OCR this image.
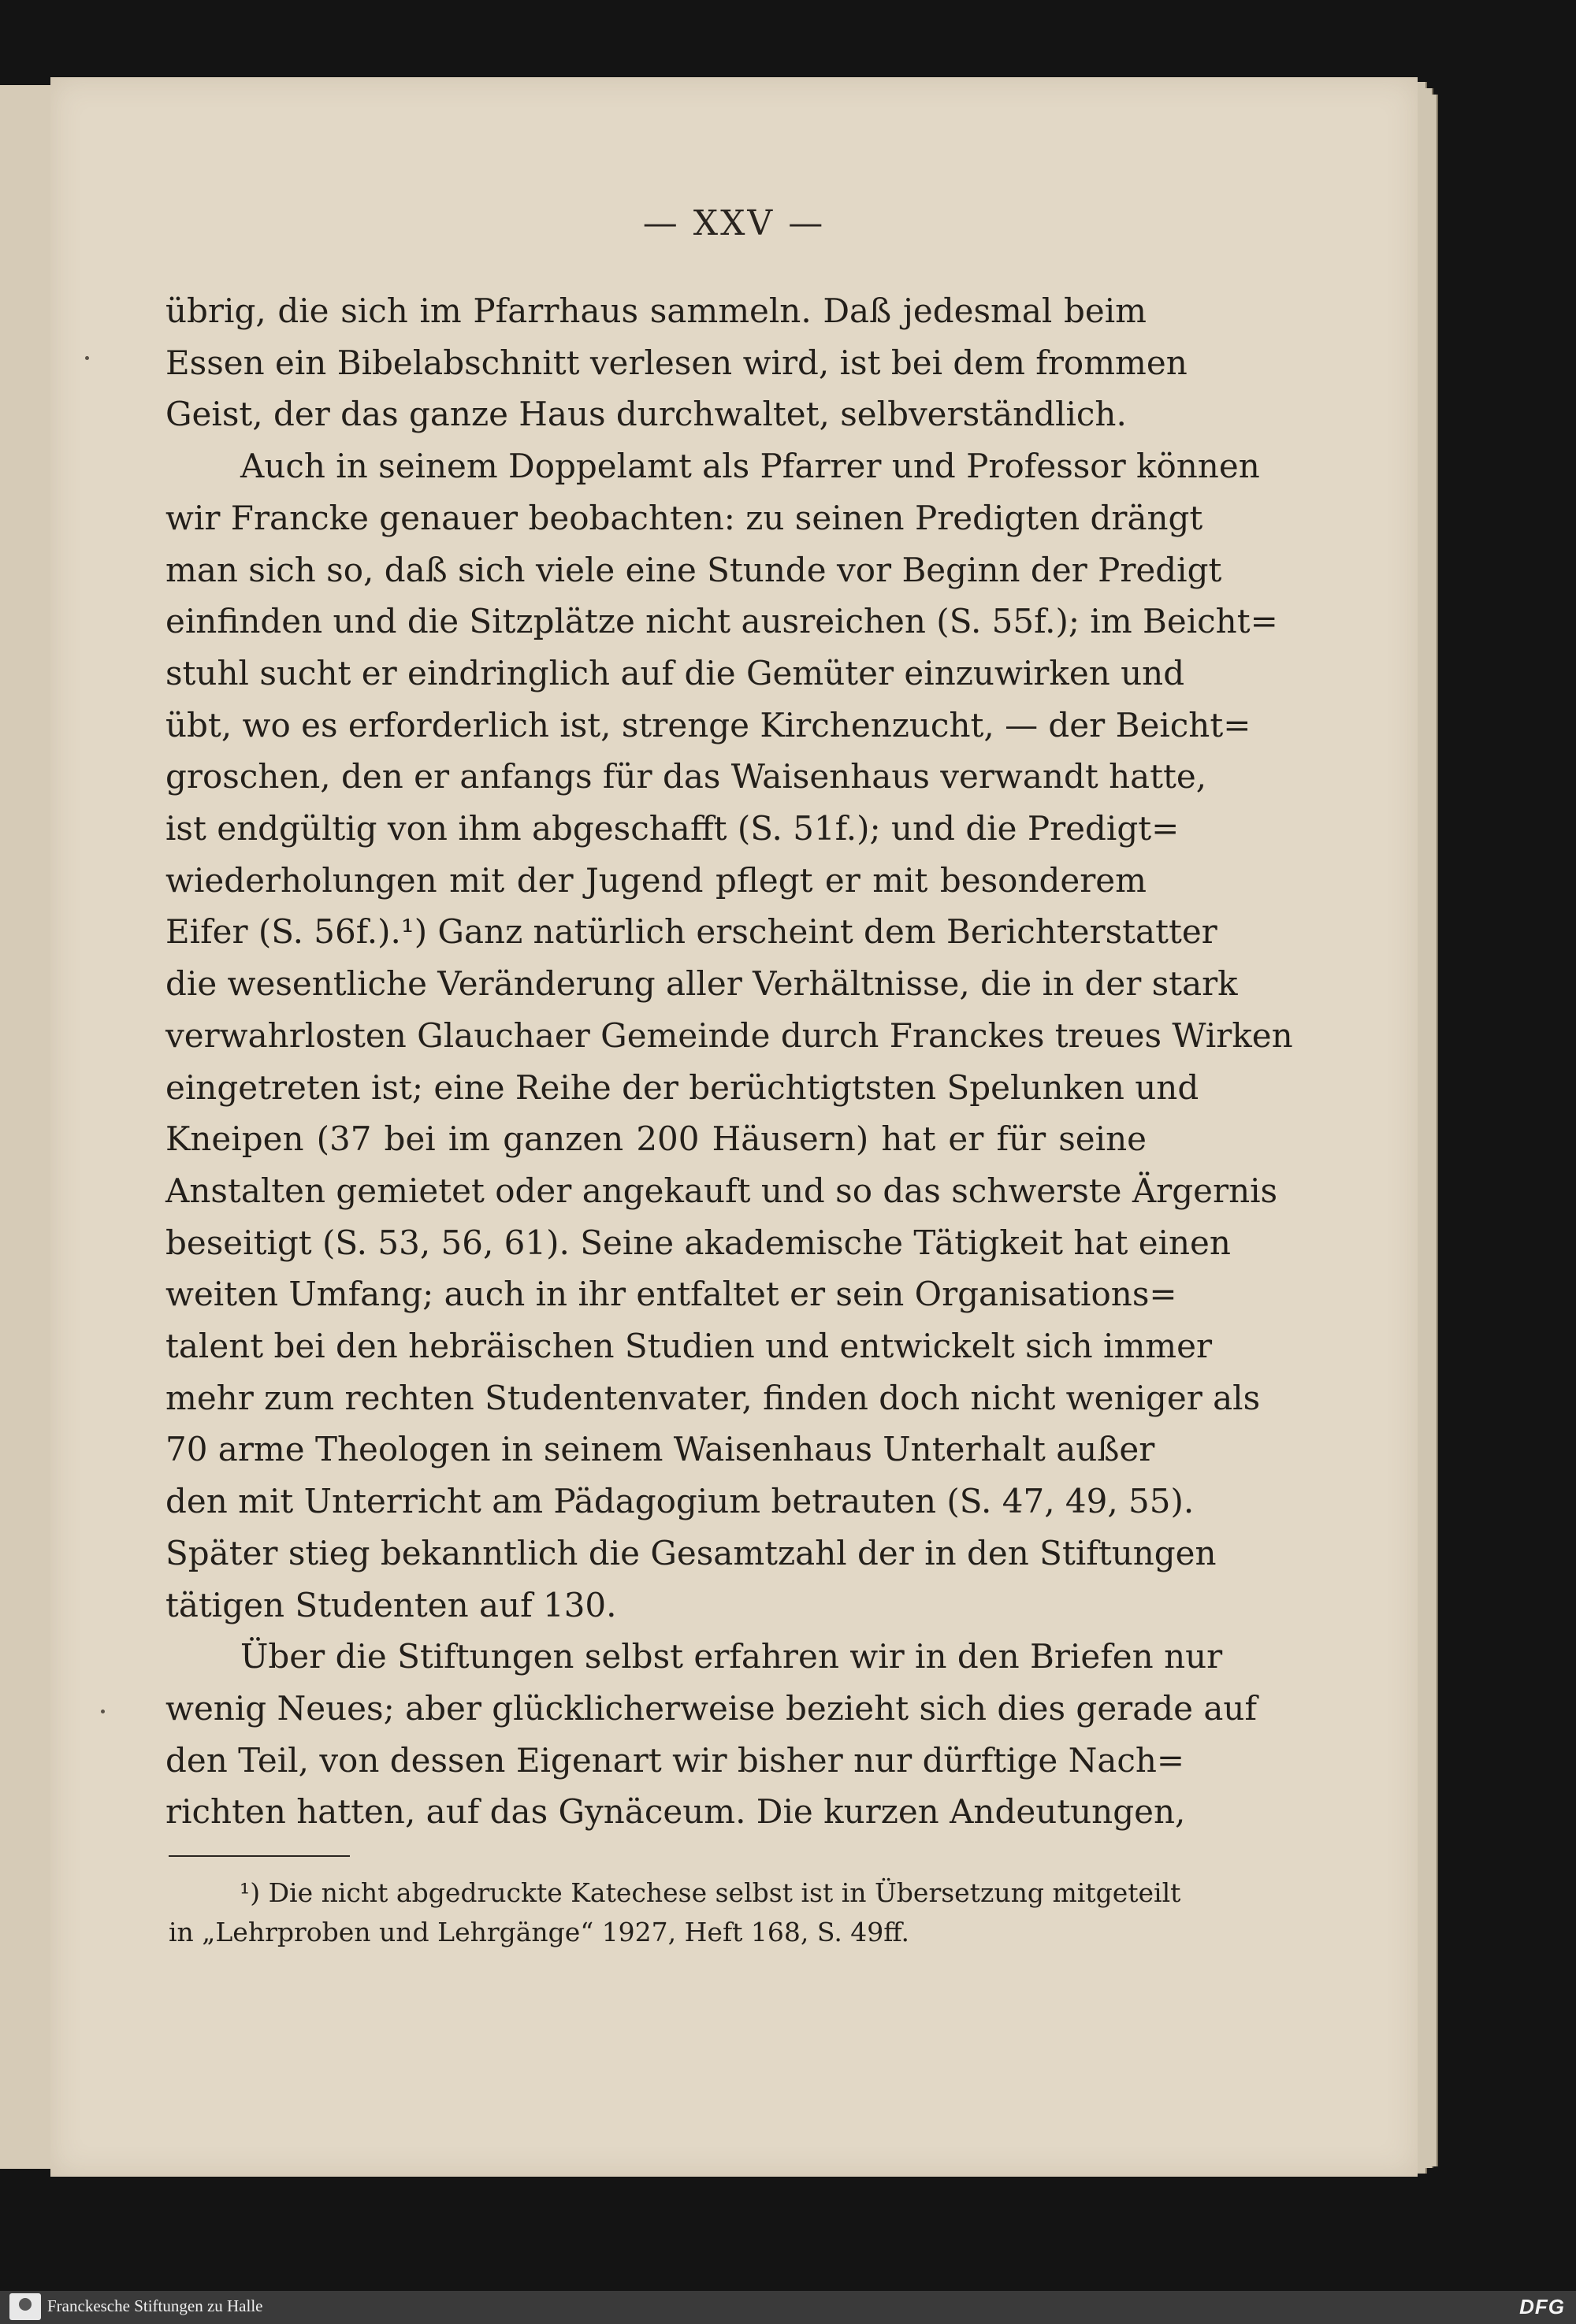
— XXV —
übrig, die sich im Pfarrhaus sammeln. Daß jedesmal beim
Essen ein Bibelabschnitt verlesen wird, ist bei dem frommen
Geist, der das ganze Haus durchwaltet, selbverständlich.
Auch in seinem Doppelamt als Pfarrer und Professor können
wir Francke genauer beobachten: zu seinen Predigten drängt
man sich so, daß sich viele eine Stunde vor Beginn der Predigt
einfinden und die Sitzplätze nicht ausreichen (S. 55f.); im Beicht=
stuhl sucht er eindringlich auf die Gemüter einzuwirken und
übt, wo es erforderlich ist, strenge Kirchenzucht, — der Beicht=
groschen, den er anfangs für das Waisenhaus verwandt hatte,
ist endgültig von ihm abgeschafft (S. 51f.); und die Predigt=
wiederholungen mit der Jugend pflegt er mit besonderem
Eifer (S. 56f.).¹) Ganz natürlich erscheint dem Berichterstatter
die wesentliche Veränderung aller Verhältnisse, die in der stark
verwahrlosten Glauchaer Gemeinde durch Franckes treues Wirken
eingetreten ist; eine Reihe der berüchtigtsten Spelunken und
Kneipen (37 bei im ganzen 200 Häusern) hat er für seine
Anstalten gemietet oder angekauft und so das schwerste Ärgernis
beseitigt (S. 53, 56, 61). Seine akademische Tätigkeit hat einen
weiten Umfang; auch in ihr entfaltet er sein Organisations=
talent bei den hebräischen Studien und entwickelt sich immer
mehr zum rechten Studentenvater, finden doch nicht weniger als
70 arme Theologen in seinem Waisenhaus Unterhalt außer
den mit Unterricht am Pädagogium betrauten (S. 47, 49, 55).
Später stieg bekanntlich die Gesamtzahl der in den Stiftungen
tätigen Studenten auf 130.
Über die Stiftungen selbst erfahren wir in den Briefen nur
wenig Neues; aber glücklicherweise bezieht sich dies gerade auf
den Teil, von dessen Eigenart wir bisher nur dürftige Nach=
richten hatten, auf das Gynäceum. Die kurzen Andeutungen,
¹) Die nicht abgedruckte Katechese selbst ist in Übersetzung mitgeteilt
in „Lehrproben und Lehrgänge“ 1927, Heft 168, S. 49ff.
Franckesche Stiftungen zu Halle	DFG
